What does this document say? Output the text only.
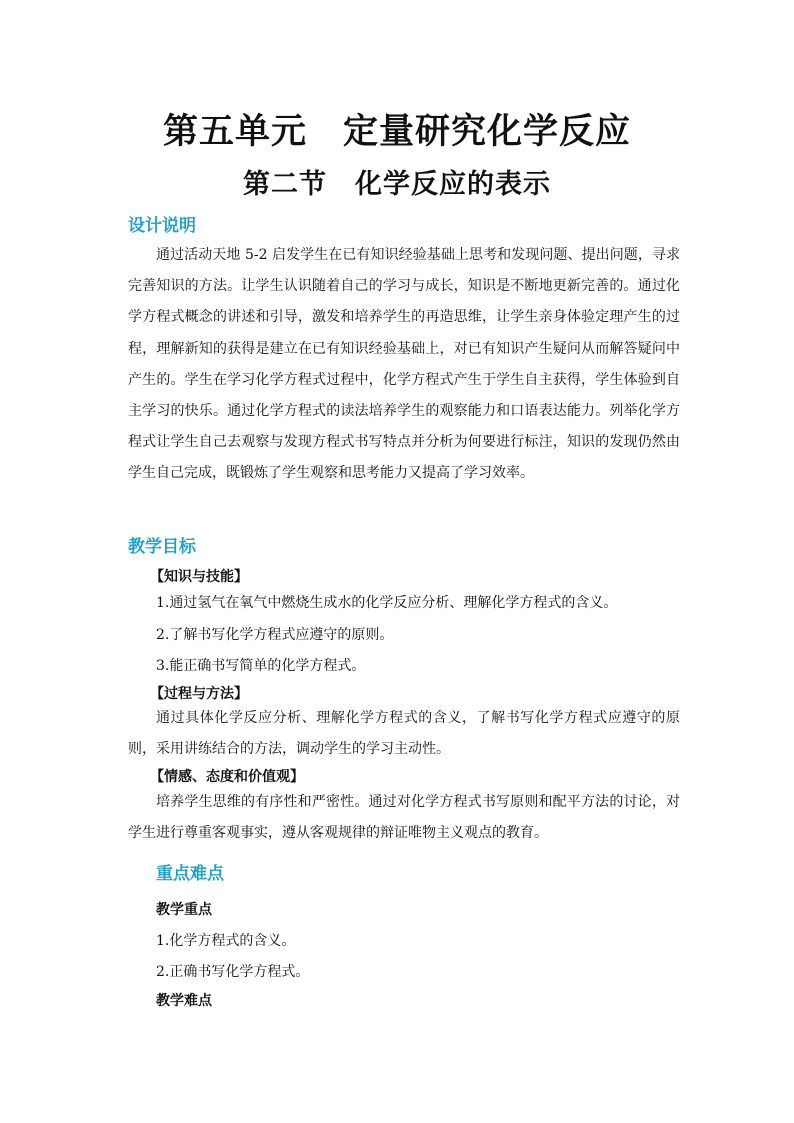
第五单元　定量研究化学反应
第二节　化学反应的表示
设计说明

通过活动天地 5-2 启发学生在已有知识经验基础上思考和发现问题、提出问题，寻求完善知识的方法。让学生认识随着自己的学习与成长，知识是不断地更新完善的。通过化学方程式概念的讲述和引导，激发和培养学生的再造思维，让学生亲身体验定理产生的过程，理解新知的获得是建立在已有知识经验基础上，对已有知识产生疑问从而解答疑问中产生的。学生在学习化学方程式过程中，化学方程式产生于学生自主获得，学生体验到自主学习的快乐。通过化学方程式的读法培养学生的观察能力和口语表达能力。列举化学方程式让学生自己去观察与发现方程式书写特点并分析为何要进行标注，知识的发现仍然由学生自己完成，既锻炼了学生观察和思考能力又提高了学习效率。

教学目标
【知识与技能】
1.通过氢气在氧气中燃烧生成水的化学反应分析、理解化学方程式的含义。
2.了解书写化学方程式应遵守的原则。
3.能正确书写简单的化学方程式。
【过程与方法】

通过具体化学反应分析、理解化学方程式的含义，了解书写化学方程式应遵守的原则，采用讲练结合的方法，调动学生的学习主动性。

【情感、态度和价值观】

培养学生思维的有序性和严密性。通过对化学方程式书写原则和配平方法的讨论，对学生进行尊重客观事实，遵从客观规律的辩证唯物主义观点的教育。

重点难点
教学重点
1.化学方程式的含义。
2.正确书写化学方程式。
教学难点
